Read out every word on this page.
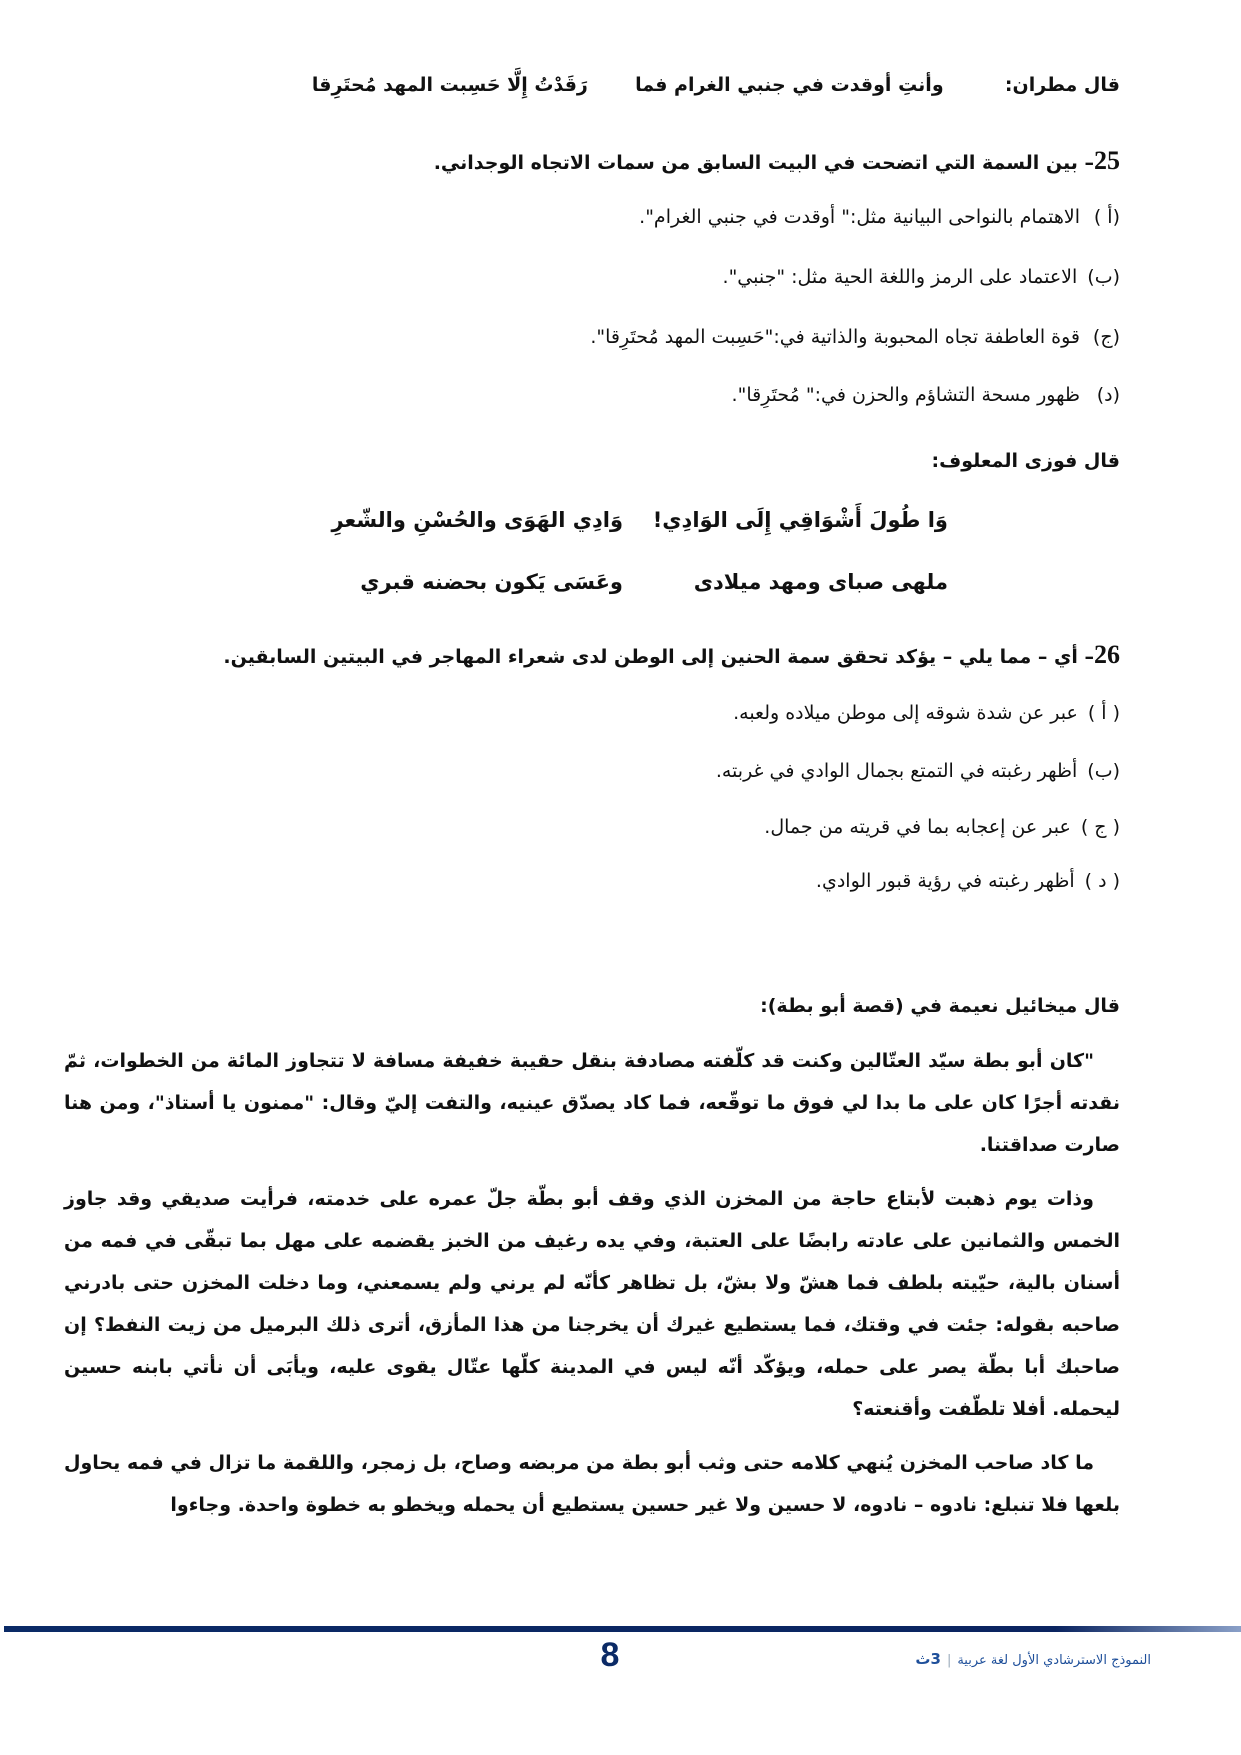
قال مطران:  وأنتِ أوقدت في جنبي الغرام فما  رَقَدْتُ إِلَّا حَسِبت المهد مُحتَرِقا
25– بين السمة التي اتضحت في البيت السابق من سمات الاتجاه الوجداني.
(أ )الاهتمام بالنواحى البيانية مثل:" أوقدت في جنبي الغرام".
(ب)الاعتماد على الرمز واللغة الحية مثل: "جنبي".
(ج)قوة العاطفة تجاه المحبوبة والذاتية في:"حَسِبت المهد مُحتَرِقا".
(د)ظهور مسحة التشاؤم والحزن في:" مُحتَرِقا".
قال فوزى المعلوف:
وَا طُولَ أَشْوَاقِي إِلَى الوَادِي!
وَادِي الهَوَى والحُسْنِ والشّعرِ
ملهى صباى ومهد ميلادى
وعَسَى يَكون بحضنه قبري
26– أي – مما يلي – يؤكد تحقق سمة الحنين إلى الوطن لدى شعراء المهاجر في البيتين السابقين.
( أ )عبر عن شدة شوقه إلى موطن ميلاده ولعبه.
(ب)أظهر رغبته في التمتع بجمال الوادي في غربته.
( ج )عبر عن إعجابه بما في قريته من جمال.
( د )أظهر رغبته في رؤية قبور الوادي.
قال ميخائيل نعيمة في (قصة أبو بطة):

"كان أبو بطة سيّد العتّالين وكنت قد كلّفته مصادفة بنقل حقيبة خفيفة مسافة لا تتجاوز المائة من الخطوات، ثمّ نقدته أجرًا كان على ما بدا لي فوق ما توقّعه، فما كاد يصدّق عينيه، والتفت إليّ وقال: "ممنون يا أستاذ"، ومن هنا صارت صداقتنا.

وذات يوم ذهبت لأبتاع حاجة من المخزن الذي وقف أبو بطّة جلّ عمره على خدمته، فرأيت صديقي وقد جاوز الخمس والثمانين على عادته رابضًا على العتبة، وفي يده رغيف من الخبز يقضمه على مهل بما تبقّى في فمه من أسنان بالية، حيّيته بلطف فما هشّ ولا بشّ، بل تظاهر كأنّه لم يرني ولم يسمعني، وما دخلت المخزن حتى بادرني صاحبه بقوله: جئت في وقتك، فما يستطيع غيرك أن يخرجنا من هذا المأزق، أترى ذلك البرميل من زيت النفط؟ إن صاحبك أبا بطّة يصر على حمله، ويؤكّد أنّه ليس في المدينة كلّها عتّال يقوى عليه، ويأبَى أن نأتي بابنه حسين ليحمله. أفلا تلطّفت وأقنعته؟

ما كاد صاحب المخزن يُنهي كلامه حتى وثب أبو بطة من مربضه وصاح، بل زمجر، واللقمة ما تزال في فمه يحاول بلعها فلا تنبلع: نادوه – نادوه، لا حسين ولا غير حسين يستطيع أن يحمله ويخطو به خطوة واحدة. وجاءوا

8	النموذج الاسترشادي الأول لغة عربية|3ث
